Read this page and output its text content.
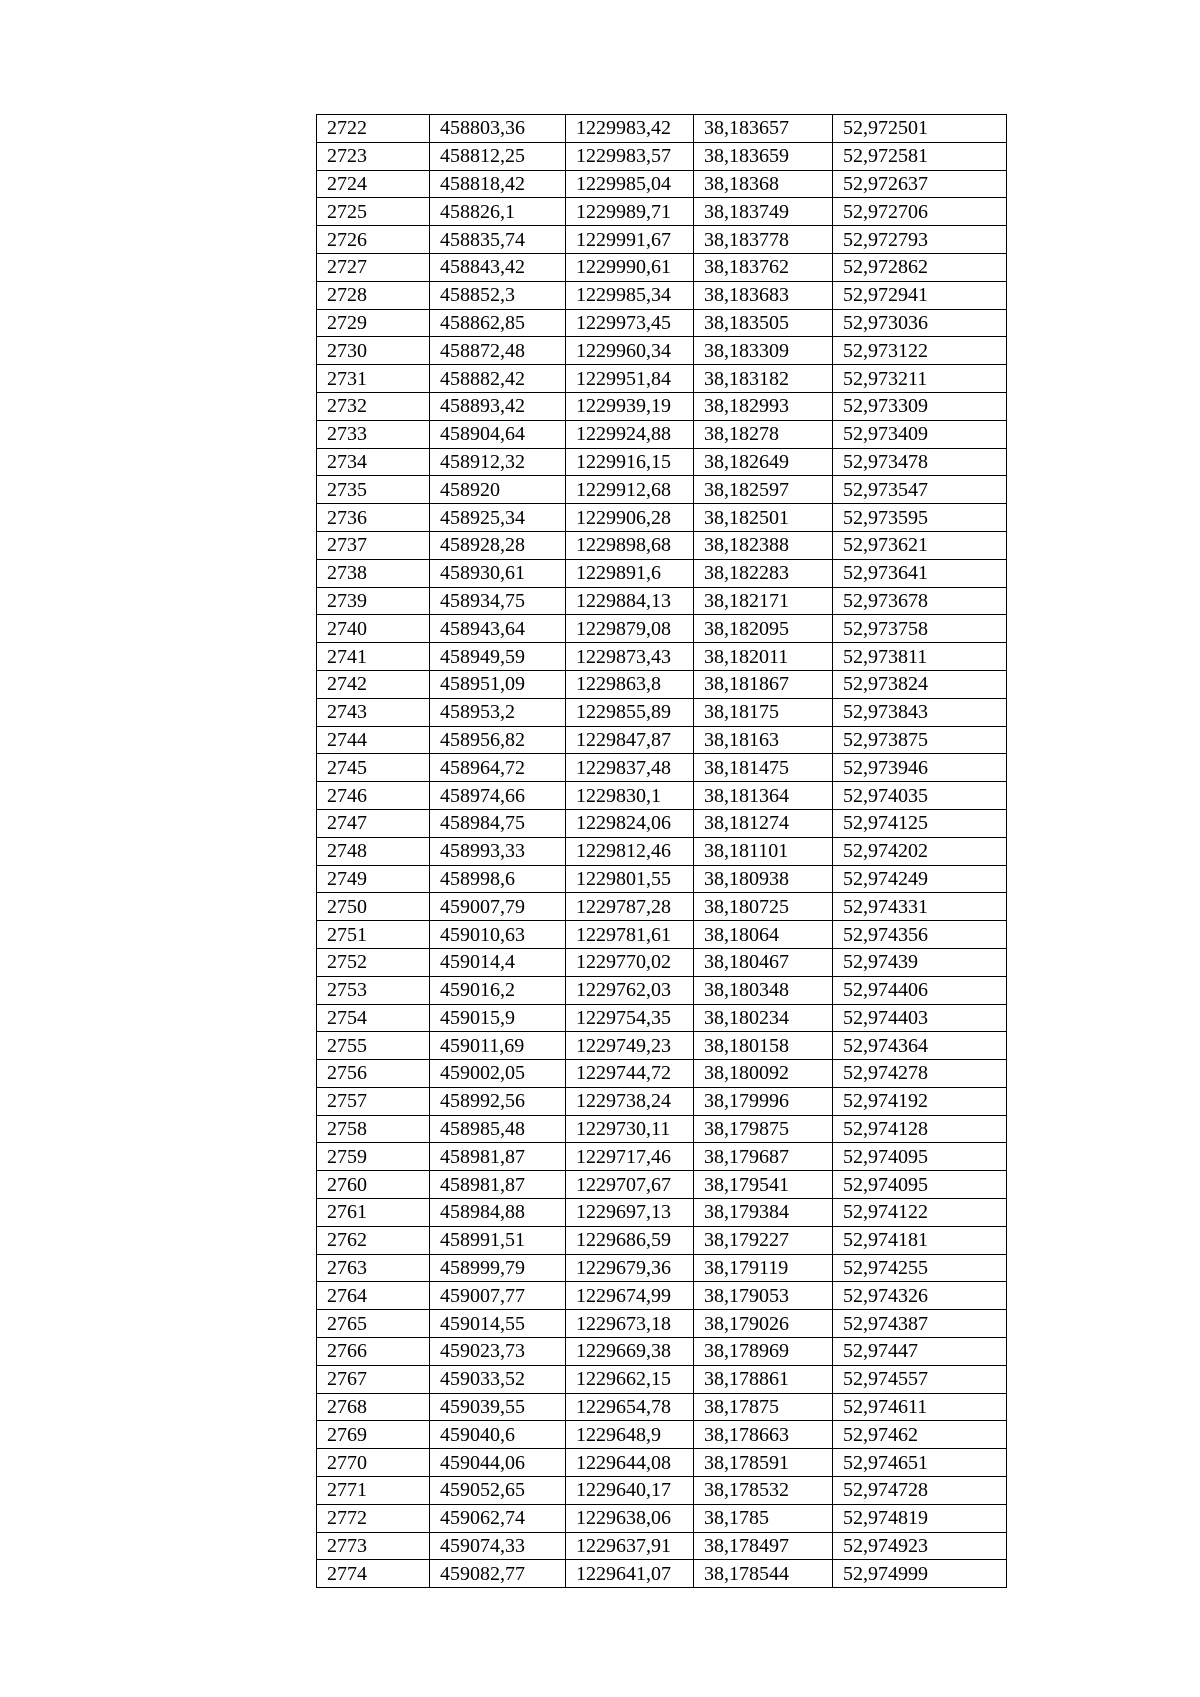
2722	458803,36	1229983,42	38,183657	52,972501
2723	458812,25	1229983,57	38,183659	52,972581
2724	458818,42	1229985,04	38,18368	52,972637
2725	458826,1	1229989,71	38,183749	52,972706
2726	458835,74	1229991,67	38,183778	52,972793
2727	458843,42	1229990,61	38,183762	52,972862
2728	458852,3	1229985,34	38,183683	52,972941
2729	458862,85	1229973,45	38,183505	52,973036
2730	458872,48	1229960,34	38,183309	52,973122
2731	458882,42	1229951,84	38,183182	52,973211
2732	458893,42	1229939,19	38,182993	52,973309
2733	458904,64	1229924,88	38,18278	52,973409
2734	458912,32	1229916,15	38,182649	52,973478
2735	458920	1229912,68	38,182597	52,973547
2736	458925,34	1229906,28	38,182501	52,973595
2737	458928,28	1229898,68	38,182388	52,973621
2738	458930,61	1229891,6	38,182283	52,973641
2739	458934,75	1229884,13	38,182171	52,973678
2740	458943,64	1229879,08	38,182095	52,973758
2741	458949,59	1229873,43	38,182011	52,973811
2742	458951,09	1229863,8	38,181867	52,973824
2743	458953,2	1229855,89	38,18175	52,973843
2744	458956,82	1229847,87	38,18163	52,973875
2745	458964,72	1229837,48	38,181475	52,973946
2746	458974,66	1229830,1	38,181364	52,974035
2747	458984,75	1229824,06	38,181274	52,974125
2748	458993,33	1229812,46	38,181101	52,974202
2749	458998,6	1229801,55	38,180938	52,974249
2750	459007,79	1229787,28	38,180725	52,974331
2751	459010,63	1229781,61	38,18064	52,974356
2752	459014,4	1229770,02	38,180467	52,97439
2753	459016,2	1229762,03	38,180348	52,974406
2754	459015,9	1229754,35	38,180234	52,974403
2755	459011,69	1229749,23	38,180158	52,974364
2756	459002,05	1229744,72	38,180092	52,974278
2757	458992,56	1229738,24	38,179996	52,974192
2758	458985,48	1229730,11	38,179875	52,974128
2759	458981,87	1229717,46	38,179687	52,974095
2760	458981,87	1229707,67	38,179541	52,974095
2761	458984,88	1229697,13	38,179384	52,974122
2762	458991,51	1229686,59	38,179227	52,974181
2763	458999,79	1229679,36	38,179119	52,974255
2764	459007,77	1229674,99	38,179053	52,974326
2765	459014,55	1229673,18	38,179026	52,974387
2766	459023,73	1229669,38	38,178969	52,97447
2767	459033,52	1229662,15	38,178861	52,974557
2768	459039,55	1229654,78	38,17875	52,974611
2769	459040,6	1229648,9	38,178663	52,97462
2770	459044,06	1229644,08	38,178591	52,974651
2771	459052,65	1229640,17	38,178532	52,974728
2772	459062,74	1229638,06	38,1785	52,974819
2773	459074,33	1229637,91	38,178497	52,974923
2774	459082,77	1229641,07	38,178544	52,974999
